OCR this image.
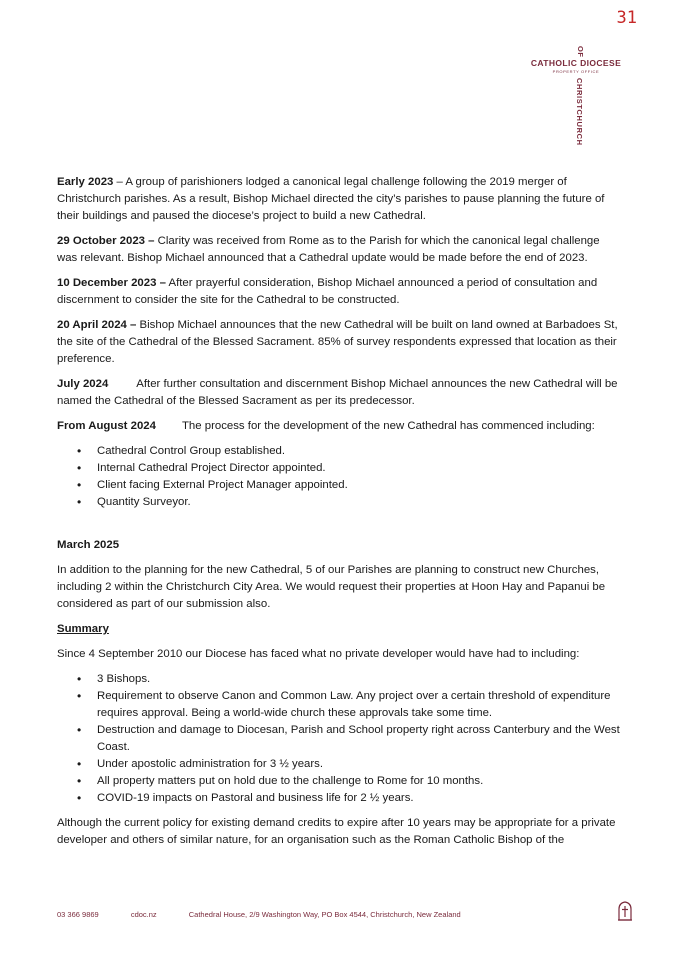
31
OF
CATHOLIC DIOCESE
PROPERTY OFFICE
CHRISTCHURCH

Early 2023 – A group of parishioners lodged a canonical legal challenge following the 2019 merger of Christchurch parishes. As a result, Bishop Michael directed the city’s parishes to pause planning the future of their buildings and paused the diocese’s project to build a new Cathedral.

29 October 2023 – Clarity was received from Rome as to the Parish for which the canonical legal challenge was relevant. Bishop Michael announced that a Cathedral update would be made before the end of 2023.

10 December 2023 – After prayerful consideration, Bishop Michael announced a period of consultation and discernment to consider the site for the Cathedral to be constructed.

20 April 2024 – Bishop Michael announces that the new Cathedral will be built on land owned at Barbadoes St, the site of the Cathedral of the Blessed Sacrament. 85% of survey respondents expressed that location as their preference.

July 2024 After further consultation and discernment Bishop Michael announces the new Cathedral will be named the Cathedral of the Blessed Sacrament as per its predecessor.

From August 2024 The process for the development of the new Cathedral has commenced including:

• Cathedral Control Group established.
• Internal Cathedral Project Director appointed.
• Client facing External Project Manager appointed.
• Quantity Surveyor.

March 2025

In addition to the planning for the new Cathedral, 5 of our Parishes are planning to construct new Churches, including 2 within the Christchurch City Area. We would request their properties at Hoon Hay and Papanui be considered as part of our submission also.

Summary

Since 4 September 2010 our Diocese has faced what no private developer would have had to including:

• 3 Bishops.
• Requirement to observe Canon and Common Law. Any project over a certain threshold of expenditure requires approval. Being a world-wide church these approvals take some time.
• Destruction and damage to Diocesan, Parish and School property right across Canterbury and the West Coast.
• Under apostolic administration for 3 ½ years.
• All property matters put on hold due to the challenge to Rome for 10 months.
• COVID-19 impacts on Pastoral and business life for 2 ½ years.

Although the current policy for existing demand credits to expire after 10 years may be appropriate for a private developer and others of similar nature, for an organisation such as the Roman Catholic Bishop of the

03 366 9869	cdoc.nz	Cathedral House, 2/9 Washington Way, PO Box 4544, Christchurch, New Zealand
